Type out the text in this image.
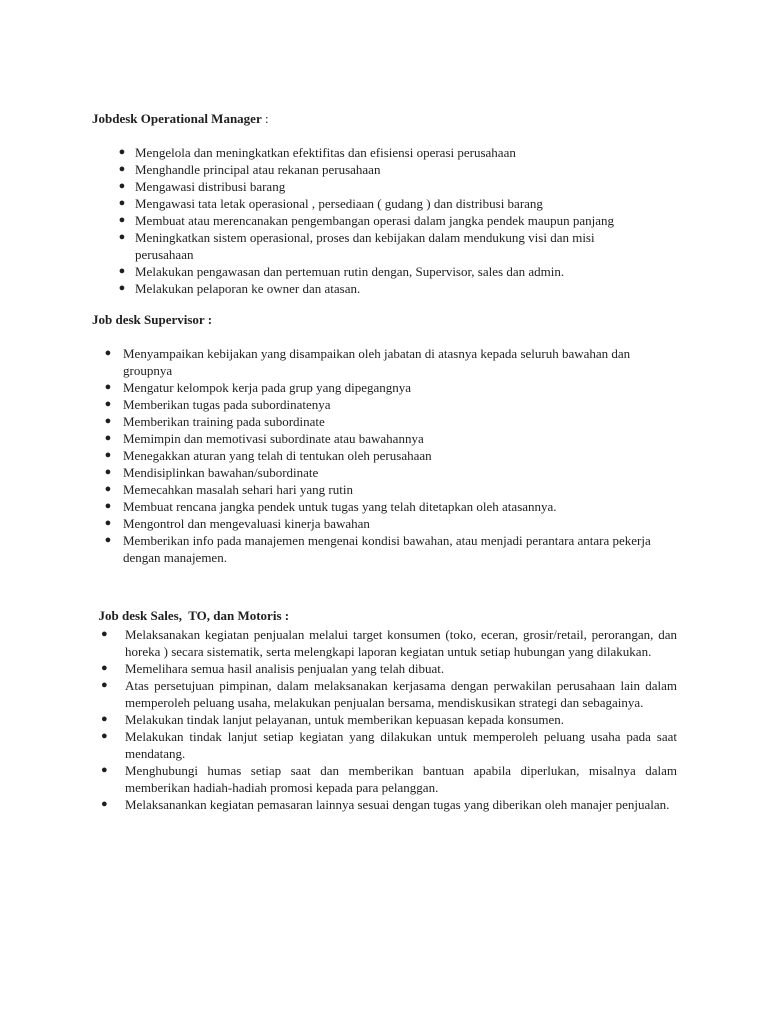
Jobdesk Operational Manager :
● Mengelola dan meningkatkan efektifitas dan efisiensi operasi perusahaan
● Menghandle principal atau rekanan perusahaan
● Mengawasi distribusi barang
● Mengawasi tata letak operasional , persediaan ( gudang ) dan distribusi barang
● Membuat atau merencanakan pengembangan operasi dalam jangka pendek maupun panjang
● Meningkatkan sistem operasional, proses dan kebijakan dalam mendukung visi dan misi perusahaan
● Melakukan pengawasan dan pertemuan rutin dengan, Supervisor, sales dan admin.
● Melakukan pelaporan ke owner dan atasan.
Job desk Supervisor :
● Menyampaikan kebijakan yang disampaikan oleh jabatan di atasnya kepada seluruh bawahan dan groupnya
● Mengatur kelompok kerja pada grup yang dipegangnya
● Memberikan tugas pada subordinatenya
● Memberikan training pada subordinate
● Memimpin dan memotivasi subordinate atau bawahannya
● Menegakkan aturan yang telah di tentukan oleh perusahaan
● Mendisiplinkan bawahan/subordinate
● Memecahkan masalah sehari hari yang rutin
● Membuat rencana jangka pendek untuk tugas yang telah ditetapkan oleh atasannya.
● Mengontrol dan mengevaluasi kinerja bawahan
● Memberikan info pada manajemen mengenai kondisi bawahan, atau menjadi perantara antara pekerja dengan manajemen.

Job desk Sales,  TO, dan Motoris :

●	Melaksanakan kegiatan penjualan melalui target konsumen (toko, eceran, grosir/retail, perorangan, dan horeka ) secara sistematik, serta melengkapi laporan kegiatan untuk setiap hubungan yang dilakukan.
●	Memelihara semua hasil analisis penjualan yang telah dibuat.
●	Atas persetujuan pimpinan, dalam melaksanakan kerjasama dengan perwakilan perusahaan lain dalam memperoleh peluang usaha, melakukan penjualan bersama, mendiskusikan strategi dan sebagainya.
●	Melakukan tindak lanjut pelayanan, untuk memberikan kepuasan kepada konsumen.
●	Melakukan tindak lanjut setiap kegiatan yang dilakukan untuk memperoleh peluang usaha pada saat mendatang.
●	Menghubungi humas setiap saat dan memberikan bantuan apabila diperlukan, misalnya dalam memberikan hadiah-hadiah promosi kepada para pelanggan.
●	Melaksanankan kegiatan pemasaran lainnya sesuai dengan tugas yang diberikan oleh manajer penjualan.
